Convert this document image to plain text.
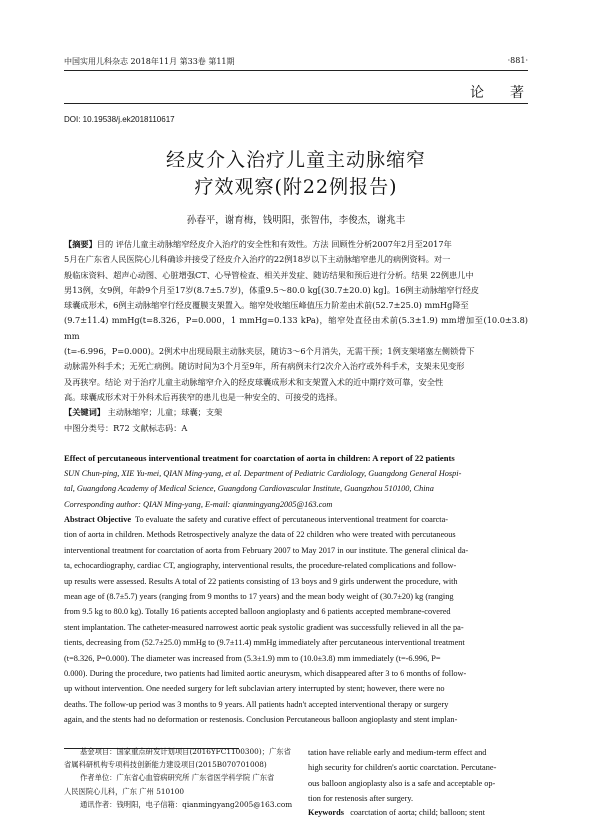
中国实用儿科杂志 2018年11月 第33卷 第11期	·881·
论著
DOI: 10.19538/j.ek2018110617
经皮介入治疗儿童主动脉缩窄
疗效观察(附22例报告)
孙春平，谢育梅，钱明阳，张智伟，李俊杰，谢兆丰
【摘要】目的 评估儿童主动脉缩窄经皮介入治疗的安全性和有效性。方法 回顾性分析2007年2月至2017年
5月在广东省人民医院心儿科确诊并接受了经皮介入治疗的22例18岁以下主动脉缩窄患儿的病例资料。对一
般临床资料、超声心动图、心脏增强CT、心导管检查、相关并发症、随访结果和预后进行分析。结果 22例患儿中
男13例，女9例，年龄9个月至17岁(8.7±5.7岁)，体重9.5～80.0 kg[(30.7±20.0) kg]。16例主动脉缩窄行经皮
球囊成形术，6例主动脉缩窄行经皮覆膜支架置入。缩窄处收缩压峰值压力阶差由术前(52.7±25.0) mmHg降至
(9.7±11.4) mmHg(t=8.326，P=0.000，1 mmHg=0.133 kPa)，缩窄处直径由术前(5.3±1.9) mm增加至(10.0±3.8) mm
(t=-6.996，P=0.000)。2例术中出现局限主动脉夹层，随访3～6个月消失，无需干预；1例支架堵塞左侧锁骨下
动脉需外科手术；无死亡病例。随访时间为3个月至9年，所有病例未行2次介入治疗或外科手术，支架未见变形
及再狭窄。结论 对于治疗儿童主动脉缩窄介入的经皮球囊成形术和支架置入术的近中期疗效可靠，安全性
高。球囊成形术对于外科术后再狭窄的患儿也是一种安全的、可接受的选择。
【关键词】 主动脉缩窄；儿童；球囊；支架
中图分类号：R72 文献标志码：A
Effect of percutaneous interventional treatment for coarctation of aorta in children: A report of 22 patients
SUN Chun-ping, XIE Yu-mei, QIAN Ming-yang, et al. Department of Pediatric Cardiology, Guangdong General Hospi-
tal, Guangdong Academy of Medical Science, Guangdong Cardiovascular Institute, Guangzhou 510100, China
Corresponding author: QIAN Ming-yang, E-mail: qianmingyang2005@163.com
Abstract Objective To evaluate the safety and curative effect of percutaneous interventional treatment for coarcta-
tion of aorta in children. Methods Retrospectively analyze the data of 22 children who were treated with percutaneous
interventional treatment for coarctation of aorta from February 2007 to May 2017 in our institute. The general clinical da-
ta, echocardiography, cardiac CT, angiography, interventional results, the procedure-related complications and follow-
up results were assessed. Results A total of 22 patients consisting of 13 boys and 9 girls underwent the procedure, with
mean age of (8.7±5.7) years (ranging from 9 months to 17 years) and the mean body weight of (30.7±20) kg (ranging
from 9.5 kg to 80.0 kg). Totally 16 patients accepted balloon angioplasty and 6 patients accepted membrane-covered
stent implantation. The catheter-measured narrowest aortic peak systolic gradient was successfully relieved in all the pa-
tients, decreasing from (52.7±25.0) mmHg to (9.7±11.4) mmHg immediately after percutaneous interventional treatment
(t=8.326, P=0.000). The diameter was increased from (5.3±1.9) mm to (10.0±3.8) mm immediately (t=-6.996, P=
0.000). During the procedure, two patients had limited aortic aneurysm, which disappeared after 3 to 6 months of follow-
up without intervention. One needed surgery for left subclavian artery interrupted by stent; however, there were no
deaths. The follow-up period was 3 months to 9 years. All patients hadn't accepted interventional therapy or surgery
again, and the stents had no deformation or restenosis. Conclusion Percutaneous balloon angioplasty and stent implan-
基金项目：国家重点研发计划项目(2016YFC1100300)；广东省
省属科研机构专项科技创新能力建设项目(2015B070701008)
作者单位：广东省心血管病研究所 广东省医学科学院 广东省
人民医院心儿科，广东 广州 510100
通讯作者：钱明阳，电子信箱：qianmingyang2005@163.com
tation have reliable early and medium-term effect and
high security for children's aortic coarctation. Percutane-
ous balloon angioplasty also is a safe and acceptable op-
tion for restenosis after surgery.
Keywords coarctation of aorta; child; balloon; stent
